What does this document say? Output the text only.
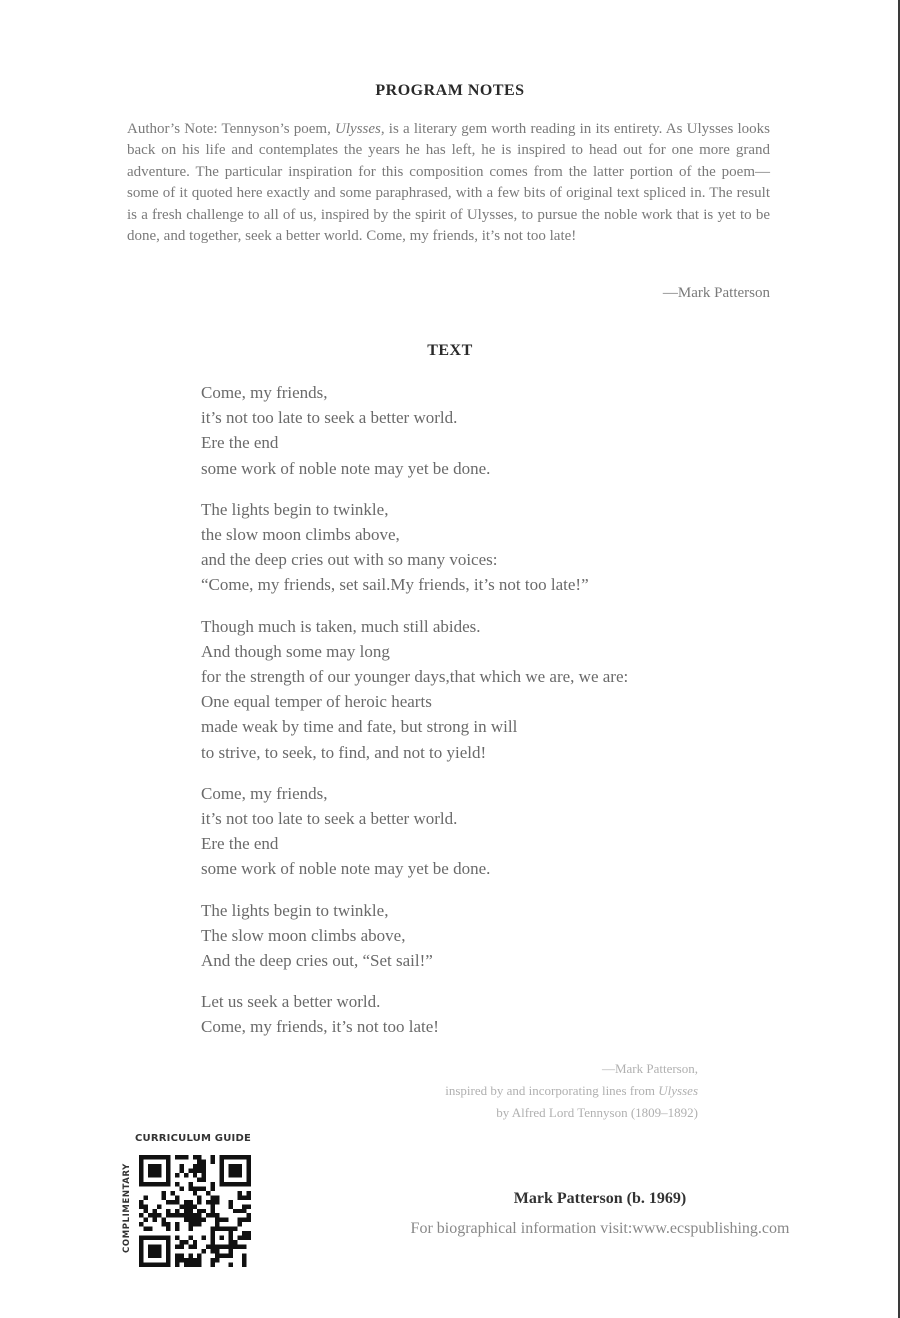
PROGRAM NOTES
Author’s Note: Tennyson’s poem, Ulysses, is a literary gem worth reading in its entirety. As Ulysses looks back on his life and contemplates the years he has left, he is inspired to head out for one more grand adventure. The particular inspiration for this composition comes from the latter portion of the poem—some of it quoted here exactly and some paraphrased, with a few bits of original text spliced in. The result is a fresh challenge to all of us, inspired by the spirit of Ulysses, to pursue the noble work that is yet to be done, and together, seek a better world. Come, my friends, it’s not too late!
—Mark Patterson
TEXT
Come, my friends,
it’s not too late to seek a better world.
Ere the end
some work of noble note may yet be done.
The lights begin to twinkle,
the slow moon climbs above,
and the deep cries out with so many voices:
“Come, my friends, set sail.My friends, it’s not too late!”
Though much is taken, much still abides.
And though some may long
for the strength of our younger days,that which we are, we are:
One equal temper of heroic hearts
made weak by time and fate, but strong in will
to strive, to seek, to find, and not to yield!
Come, my friends,
it’s not too late to seek a better world.
Ere the end
some work of noble note may yet be done.
The lights begin to twinkle,
The slow moon climbs above,
And the deep cries out, “Set sail!”
Let us seek a better world.
Come, my friends, it’s not too late!
—Mark Patterson,
inspired by and incorporating lines from Ulysses
by Alfred Lord Tennyson (1809–1892)
CURRICULUM GUIDE
COMPLIMENTARY	Mark Patterson (b. 1969)
For biographical information visit:www.ecspublishing.com
